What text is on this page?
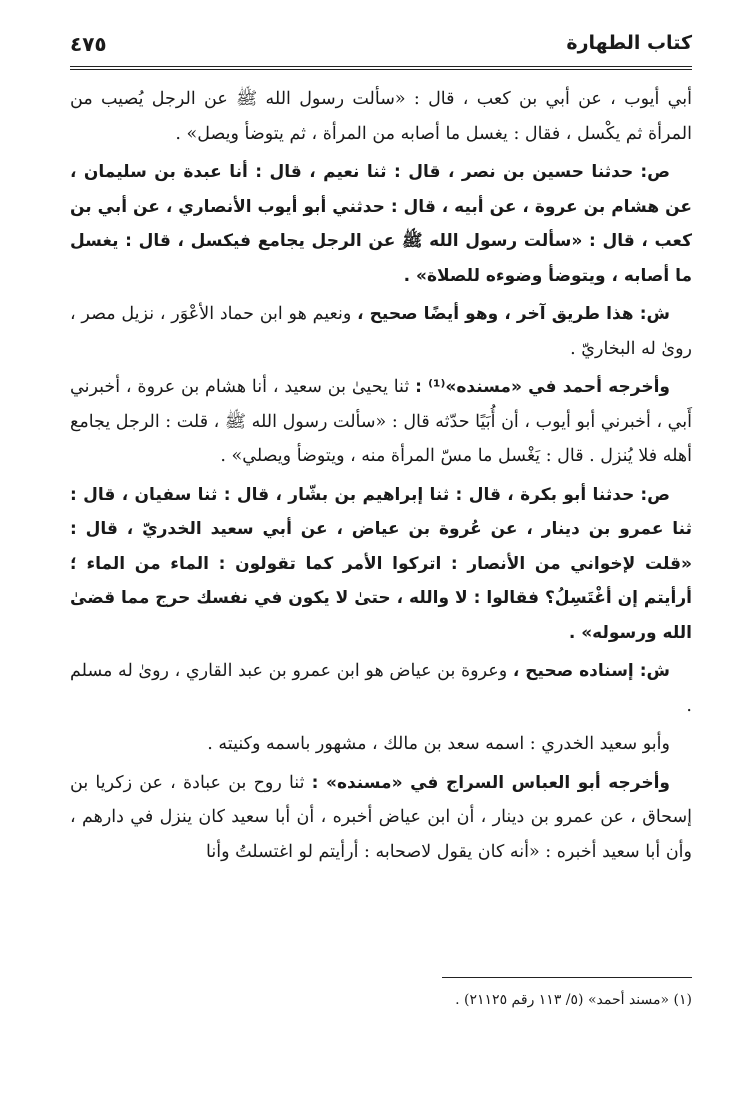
كتاب الطهارة
٤٧٥

أبي أيوب ، عن أبي بن كعب ، قال : «سألت رسول الله ﷺ عن الرجل يُصيب من المرأة ثم يكْسل ، فقال : يغسل ما أصابه من المرأة ، ثم يتوضأ ويصل» .

ص: حدثنا حسين بن نصر ، قال : ثنا نعيم ، قال : أنا عبدة بن سليمان ، عن هشام بن عروة ، عن أبيه ، قال : حدثني أبو أيوب الأنصاري ، عن أبي بن كعب ، قال : «سألت رسول الله ﷺ عن الرجل يجامع فيكسل ، قال : يغسل ما أصابه ، ويتوضأ وضوءه للصلاة» .

ش: هذا طريق آخر ، وهو أيضًا صحيح ، ونعيم هو ابن حماد الأعْوَر ، نزيل مصر ، روىٰ له البخاريّ .

وأخرجه أحمد في «مسنده»⁽¹⁾ : ثنا يحيىٰ بن سعيد ، أنا هشام بن عروة ، أخبرني أَبي ، أخبرني أبو أيوب ، أن أُبَيًا حدّثه قال : «سألت رسول الله ﷺ ، قلت : الرجل يجامع أهله فلا يُنزل . قال : يَغْسل ما مسّ المرأة منه ، ويتوضأ ويصلي» .

ص: حدثنا أبو بكرة ، قال : ثنا إبراهيم بن بشّار ، قال : ثنا سفيان ، قال : ثنا عمرو بن دينار ، عن عُروة بن عياض ، عن أبي سعيد الخدريّ ، قال : «قلت لإخواني من الأنصار : اتركوا الأمر كما تقولون : الماء من الماء ؛ أرأيتم إن أغْتَسِلُ؟ فقالوا : لا والله ، حتىٰ لا يكون في نفسك حرج مما قضىٰ الله ورسوله» .

ش: إسناده صحيح ، وعروة بن عياض هو ابن عمرو بن عبد القاري ، روىٰ له مسلم .

وأبو سعيد الخدري : اسمه سعد بن مالك ، مشهور باسمه وكنيته .

وأخرجه أبو العباس السراج في «مسنده» : ثنا روح بن عبادة ، عن زكريا بن إسحاق ، عن عمرو بن دينار ، أن ابن عياض أخبره ، أن أبا سعيد كان ينزل في دارهم ، وأن أبا سعيد أخبره : «أنه كان يقول لاصحابه : أرأيتم لو اغتسلتُ وأنا

(١) «مسند أحمد» (٥/ ١١٣ رقم ٢١١٢٥) .
